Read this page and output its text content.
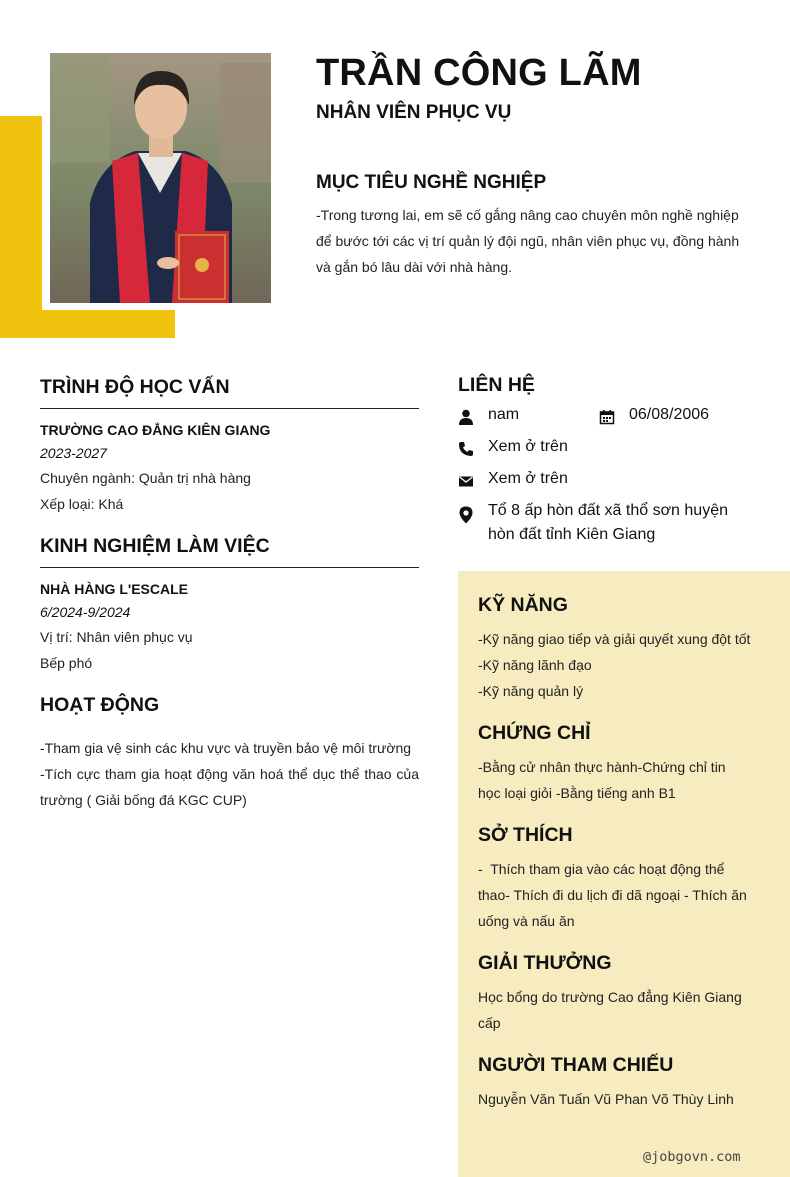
TRẦN CÔNG LÃM
NHÂN VIÊN PHỤC VỤ
MỤC TIÊU NGHỀ NGHIỆP
-Trong tương lai, em sẽ cố gắng nâng cao chuyên môn nghề nghiệp để bước tới các vị trí quản lý đội ngũ, nhân viên phục vụ, đồng hành và gắn bó lâu dài với nhà hàng.
TRÌNH ĐỘ HỌC VẤN
TRƯỜNG CAO ĐẲNG KIÊN GIANG
2023-2027
Chuyên ngành: Quản trị nhà hàng
Xếp loại: Khá
KINH NGHIỆM LÀM VIỆC
NHÀ HÀNG L'ESCALE
6/2024-9/2024
Vị trí: Nhân viên phục vụ
Bếp phó
HOẠT ĐỘNG
-Tham gia vệ sinh các khu vực và truyền bảo vệ môi trường
-Tích cực tham gia hoạt động văn hoá thể dục thể thao của trường ( Giải bống đá KGC CUP)
LIÊN HỆ
nam	06/08/2006
Xem ở trên
Xem ở trên
Tổ 8 ấp hòn đất xã thổ sơn huyện hòn đất tỉnh Kiên Giang
KỸ NĂNG
-Kỹ năng giao tiếp và giải quyết xung đột tốt
-Kỹ năng lãnh đạo
-Kỹ năng quản lý
CHỨNG CHỈ
-Bằng cử nhân thực hành-Chứng chỉ tin học loại giỏi -Bằng tiếng anh B1
SỞ THÍCH
-  Thích tham gia vào các hoạt động thể thao- Thích đi du lịch đi dã ngoại - Thích ăn uống và nấu ăn
GIẢI THƯỞNG
Học bổng do trường Cao đẳng Kiên Giang cấp
NGƯỜI THAM CHIẾU
Nguyễn Văn Tuấn Vũ Phan Võ Thùy Linh
@jobgovn.com
